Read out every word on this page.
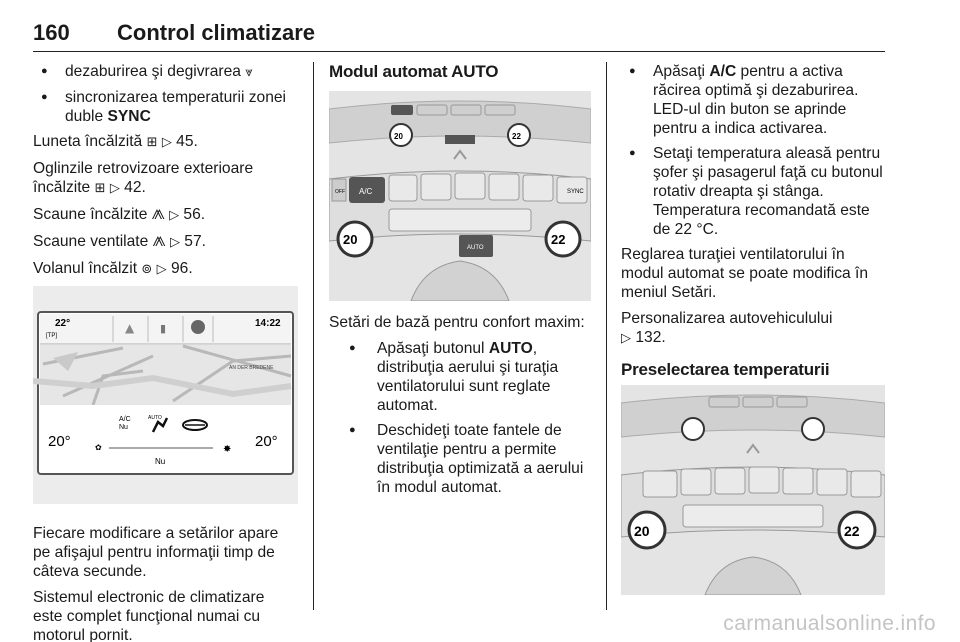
160 Control climatizare
● dezaburirea şi degivrarea ⩔
● sincronizarea temperaturii zonei duble SYNC

Luneta încălzită ⊞ ▷ 45.

Oglinzile retrovizoare exterioare încălzite ⊞ ▷ 42.

Scaune încălzite ⨇ ▷ 56.

Scaune ventilate ⨇ ▷ 57.

Volanul încălzit ⊚ ▷ 96.

22°
[TP]
14:22
▲ ▮
AN DER BREDENE
A/C
Nu
AUTO
20°	20°
✿	✸
Nu

Fiecare modificare a setărilor apare pe afişajul pentru informaţii timp de câteva secunde.

Sistemul electronic de climatizare este complet funcţional numai cu motorul pornit.

Modul automat AUTO
20	22
A/C	SYNC
OFF
20	22
AUTO

Setări de bază pentru confort maxim:

● Apăsaţi butonul AUTO, distribuţia aerului şi turaţia ventilatorului sunt reglate automat.
● Deschideţi toate fantele de ventilaţie pentru a permite distribuţia optimizată a aerului în modul automat.
● Apăsaţi A/C pentru a activa răcirea optimă şi dezaburirea. LED-ul din buton se aprinde pentru a indica activarea.
● Setaţi temperatura aleasă pentru şofer şi pasagerul faţă cu butonul rotativ dreapta şi stânga. Temperatura recomandată este de 22 °C.

Reglarea turaţiei ventilatorului în modul automat se poate modifica în meniul Setări.

Personalizarea autovehiculului
▷ 132.

Preselectarea temperaturii
20	22
carmanualsonline.info
